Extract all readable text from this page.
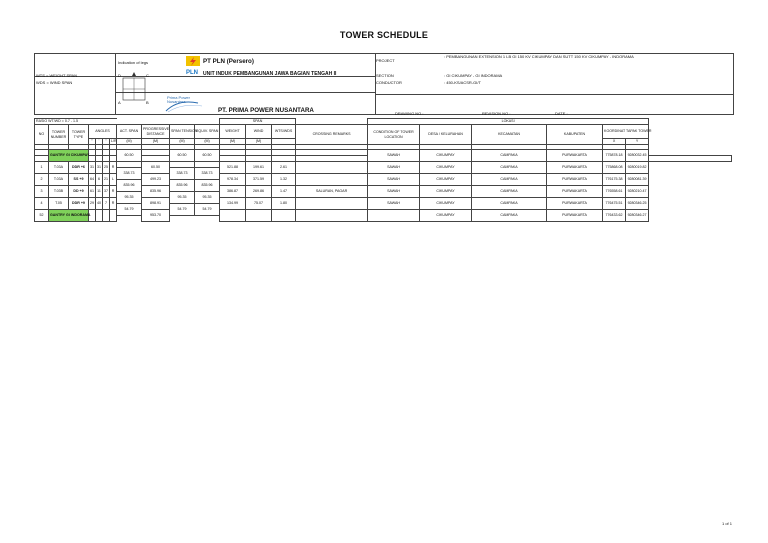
TOWER SCHEDULE
WTS = WEIGHT SPAN
WDS = WIND SPAN
Indication of legs
D	C
A	B
PLN
PT PLN (Persero)
UNIT INDUK PEMBANGUNAN JAWA BAGIAN TENGAH II
Prima Power Nusantara
PT. PRIMA POWER NUSANTARA
PROJECT
: PEMBANGUNAN EXTENSION 1 LB GI 150 KV CIKUMPAY DAN SUTT 150 KV CIKUMPAY - INDORAMA
SECTION	: GI CIKUMPAY - GI INDORAMA
CONDUCTOR	: 450-KS/ACSR-GI/T
DRAWING NO :	REVISION NO :	DATE :
RASIO WT/WD = 0.7 - 1.5											SPAN				LOKASI						
NO	TOWER NUMBER	TOWER TYPE	ANGLES				ACT. SPAN	PROGRESSIVE DISTANCE	SPAN TENSION	EQUIV. SPAN	WEIGHT	WIND	WTS/WDS	CROSSING REMARKS	CONDITION OF TOWER LOCATION	DESA / KELURAHAN	KECAMATAN	KABUPATEN	KOORDINAT TAPAK TOWER		
			°	'	"	L/R	(M)	(M)	(M)	(M)	(M)	(M)							X	Y	

	GANTRY GI CIKUMPAY						60.50		60.50	60.50					SAWAH	CIKUMPAY	CAMPAKA	PURWAKARTA	775878.18	9280032.45	

1	T.03A	DDR +6	31	31	25	R		60.50			521.88	199.61	2.61		SAWAH	CIKUMPAY	CAMPAKA	PURWAKARTA	775868.08	9280019.82	
							338.73		338.73	338.73											
2	T.03A	SS +9	64	6	21	L		499.23			978.34	371.59	1.32		SAWAH	CIKUMPAY	CAMPAKA	PURWAKARTA	776175.38	9280081.39	
							835.96		835.96	835.96											
3	T.03B	DD +9	61	11	37	R		835.96			386.87	269.86	1.47	SALURAN, PAGAR	SAWAH	CIKUMPAY	CAMPAKA	PURWAKARTA	776558.61	9280210.47	
							95.35		95.35	95.35											
4	T.05	DDR +9	29	40	7	R		898.91			134.99	75.07	1.80		SAWAH	CIKUMPAY	CAMPAKA	PURWAKARTA	776475.51	9280346.25	
							54.79		54.79	54.79											
52	GANTRY GI INDORAMA							953.70								CIKUMPAY	CAMPAKA	PURWAKARTA	776433.62	9280346.27	

1 of 1
